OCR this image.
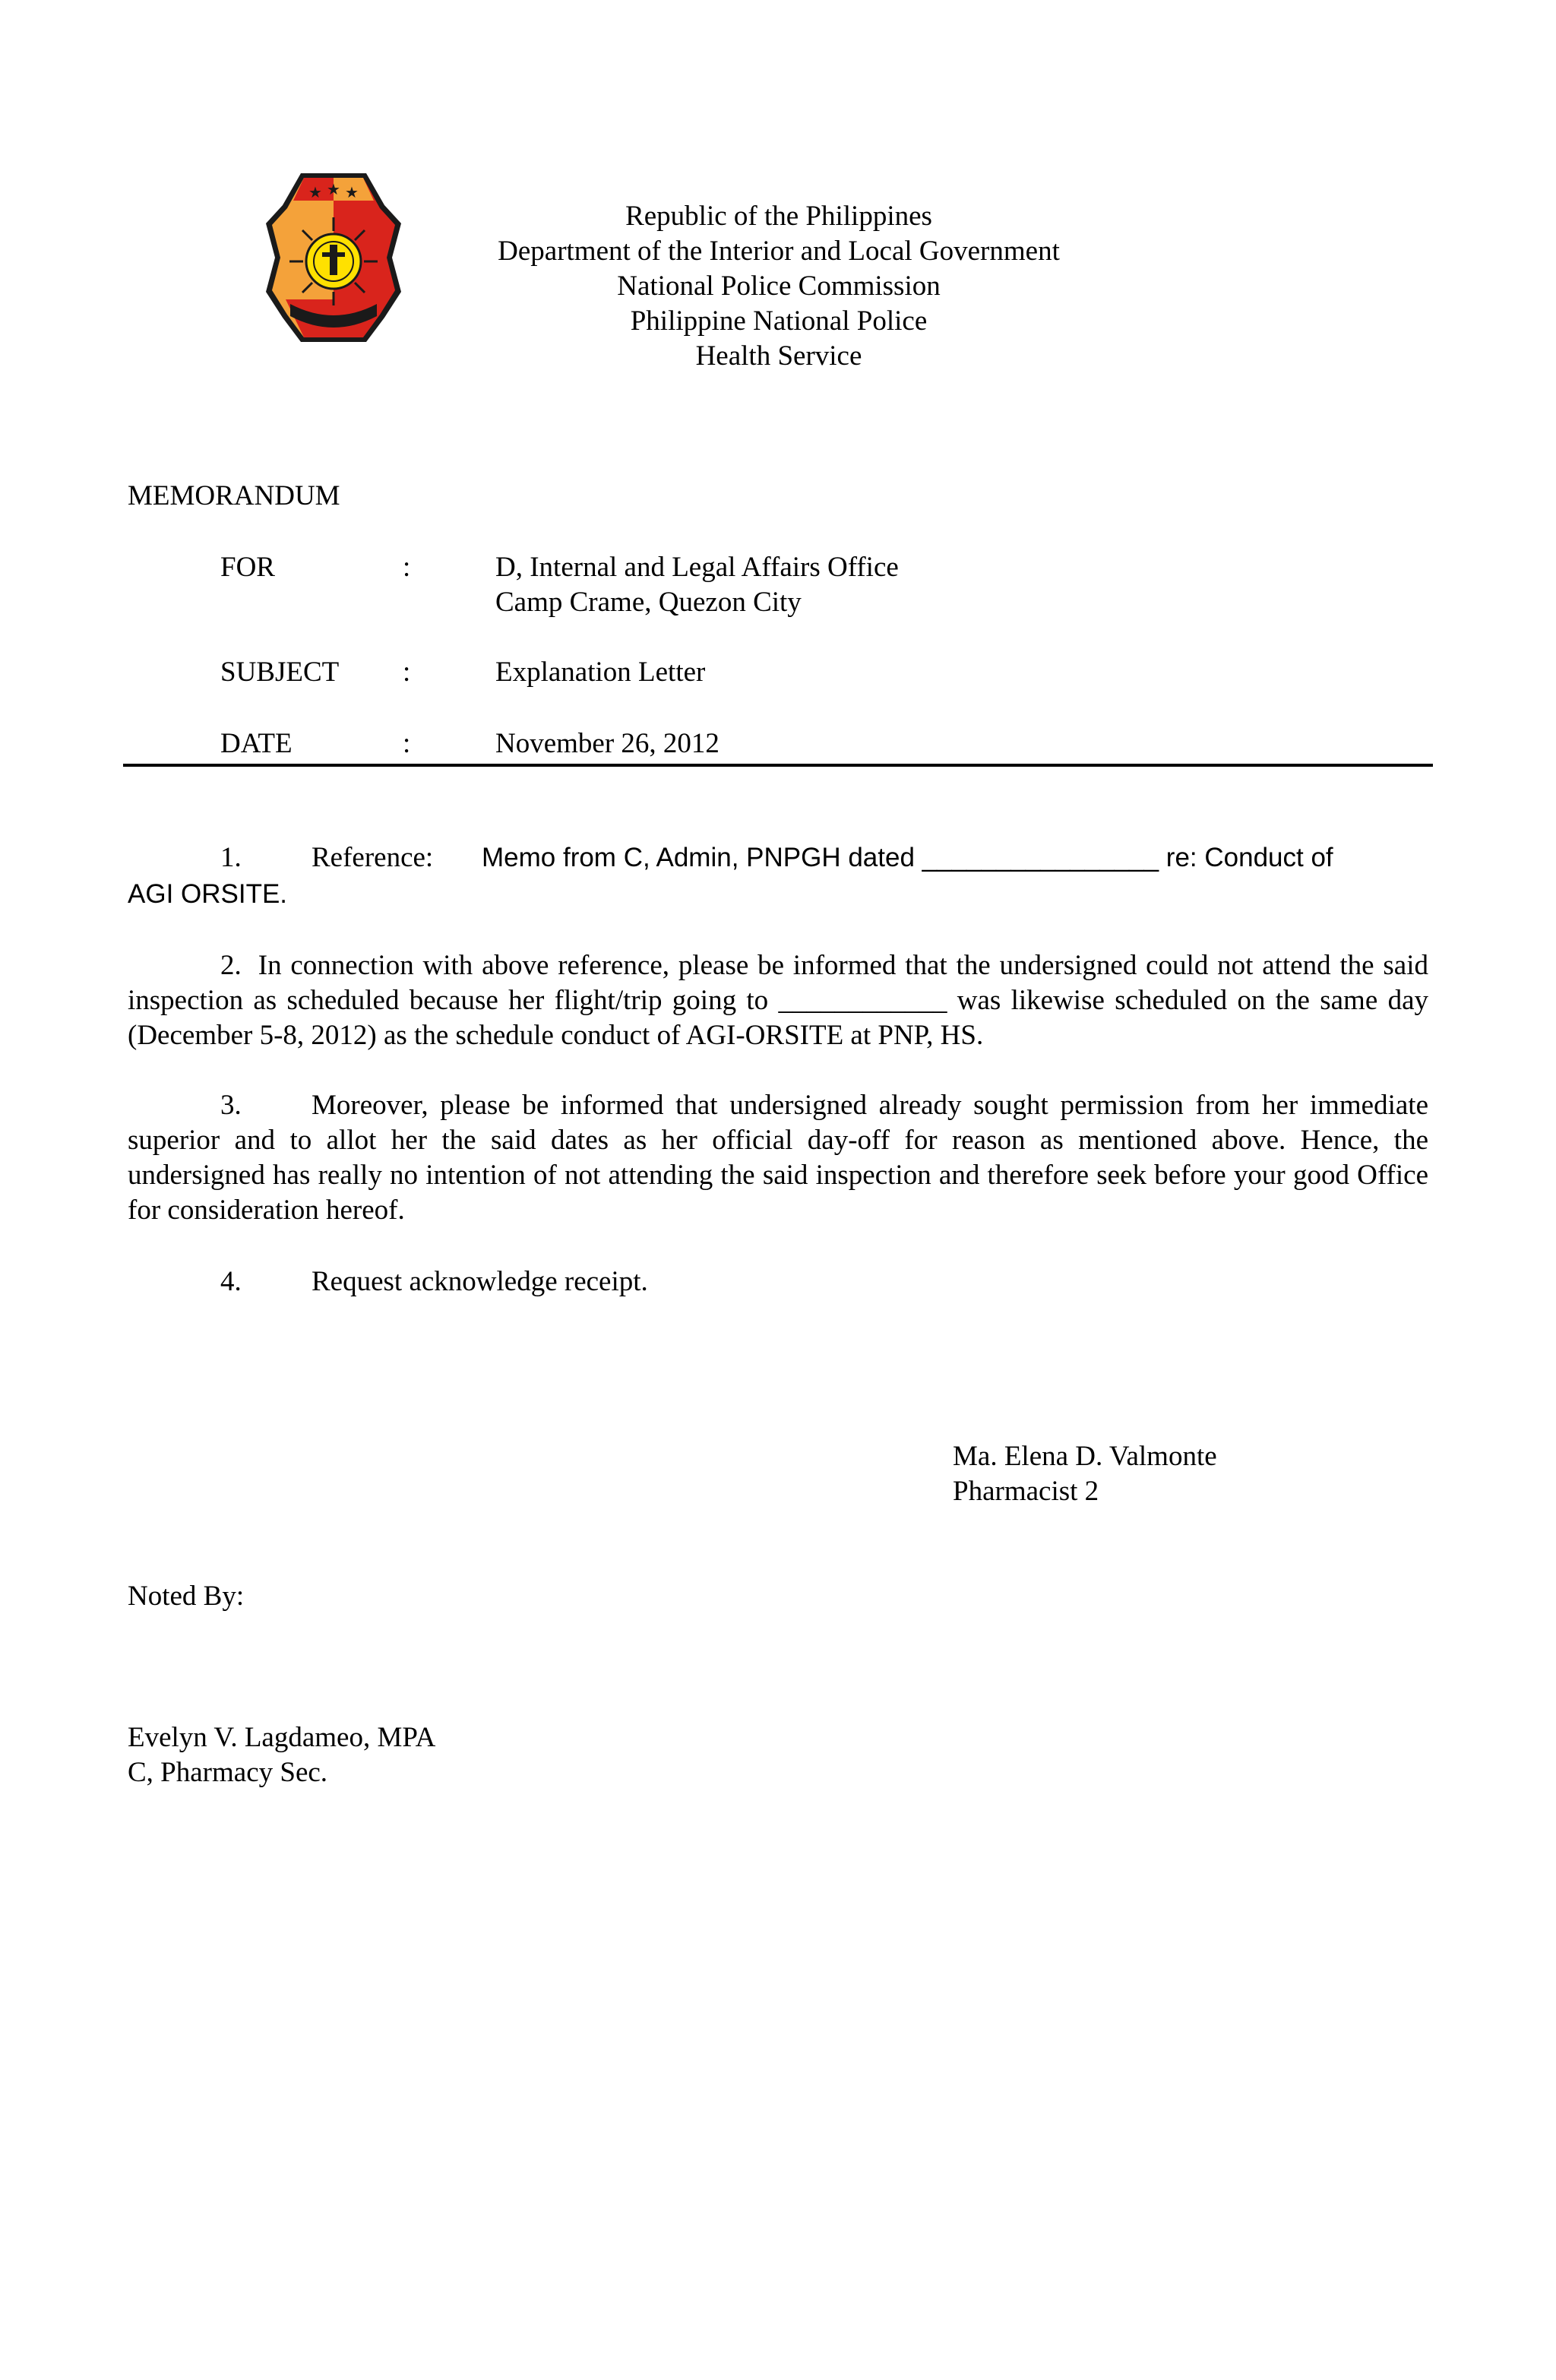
★ ★ ★
Republic of the Philippines
Department of the Interior and Local Government
National Police Commission
Philippine National Police
Health Service
MEMORANDUM
FOR	:	D, Internal and Legal Affairs Office
Camp Crame, Quezon City
SUBJECT :	Explanation Letter
DATE	:	November 26, 2012
1. Reference: Memo from C, Admin, PNPGH dated ________________ re: Conduct of
AGI ORSITE.
2. In connection with above reference, please be informed that the undersigned could not attend the said inspection as scheduled because her flight/trip going to ____________ was likewise scheduled on the same day (December 5-8, 2012) as the schedule conduct of AGI-ORSITE at PNP, HS.
3. Moreover, please be informed that undersigned already sought permission from her immediate superior and to allot her the said dates as her official day-off for reason as mentioned above. Hence, the undersigned has really no intention of not attending the said inspection and therefore seek before your good Office for consideration hereof.
4. Request acknowledge receipt.
Ma. Elena D. Valmonte
Pharmacist 2
Noted By:
Evelyn V. Lagdameo, MPA
C, Pharmacy Sec.
